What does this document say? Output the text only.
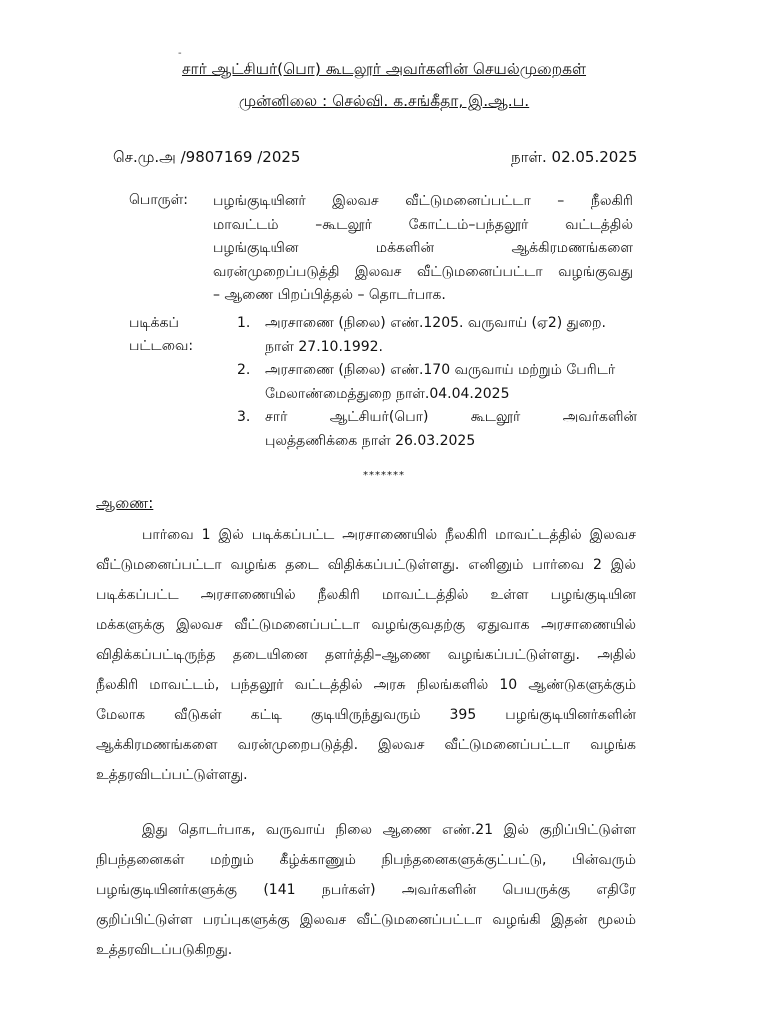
-
சார் ஆட்சியர்(பொ) கூடலூர் அவர்களின் செயல்முறைகள்
முன்னிலை : செல்வி. க.சங்கீதா, இ.ஆ.ப.
செ.மு.அ /9807169 /2025	நாள். 02.05.2025
பொருள்: பழங்குடியினர் இலவச வீட்டுமனைப்பட்டா – நீலகிரி
மாவட்டம் –கூடலூர் கோட்டம்–பந்தலூர் வட்டத்தில்
பழங்குடியின மக்களின் ஆக்கிரமணங்களை
வரன்முறைப்படுத்தி இலவச வீட்டுமனைப்பட்டா வழங்குவது
– ஆணை பிறப்பித்தல் – தொடர்பாக.
படிக்கப்
பட்டவை:
1. அரசாணை (நிலை) எண்.1205. வருவாய் (ஏ2) துறை.
நாள் 27.10.1992.
2. அரசாணை (நிலை) எண்.170 வருவாய் மற்றும் பேரிடர்
மேலாண்மைத்துறை நாள்.04.04.2025
3. சார் ஆட்சியர்(பொ) கூடலூர் அவர்களின்
புலத்தணிக்கை நாள் 26.03.2025
*******
ஆணை:
பார்வை 1 இல் படிக்கப்பட்ட அரசாணையில் நீலகிரி மாவட்டத்தில் இலவச
வீட்டுமனைப்பட்டா வழங்க தடை விதிக்கப்பட்டுள்ளது. எனினும் பார்வை 2 இல்
படிக்கப்பட்ட அரசாணையில் நீலகிரி மாவட்டத்தில் உள்ள பழங்குடியின
மக்களுக்கு இலவச வீட்டுமனைப்பட்டா வழங்குவதற்கு ஏதுவாக அரசாணையில்
விதிக்கப்பட்டிருந்த தடையினை தளர்த்தி–ஆணை வழங்கப்பட்டுள்ளது. அதில்
நீலகிரி மாவட்டம், பந்தலூர் வட்டத்தில் அரசு நிலங்களில் 10 ஆண்டுகளுக்கும்
மேலாக வீடுகள் கட்டி குடியிருந்துவரும் 395 பழங்குடியினர்களின்
ஆக்கிரமணங்களை வரன்முறைபடுத்தி. இலவச வீட்டுமனைப்பட்டா வழங்க
உத்தரவிடப்பட்டுள்ளது.
இது தொடர்பாக, வருவாய் நிலை ஆணை எண்.21 இல் குறிப்பிட்டுள்ள
நிபந்தனைகள் மற்றும் கீழ்க்காணும் நிபந்தனைகளுக்குட்பட்டு, பின்வரும்
பழங்குடியினர்களுக்கு (141 நபர்கள்) அவர்களின் பெயருக்கு எதிரே
குறிப்பிட்டுள்ள பரப்புகளுக்கு இலவச வீட்டுமனைப்பட்டா வழங்கி இதன் மூலம்
உத்தரவிடப்படுகிறது.
